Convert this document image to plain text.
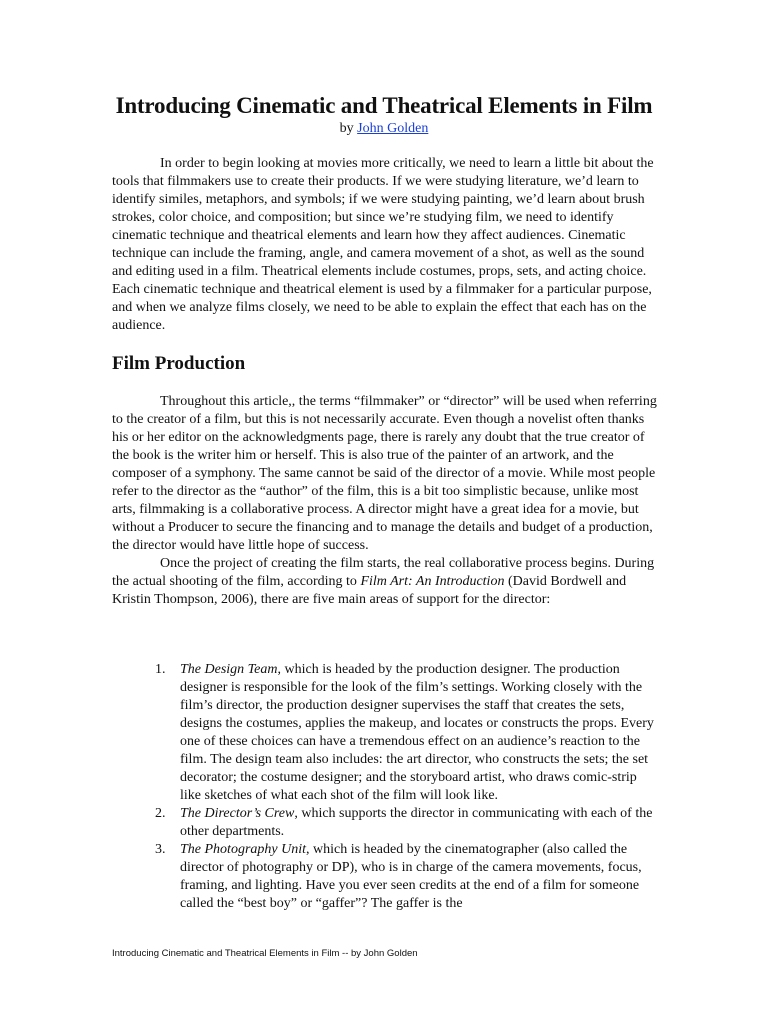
Introducing Cinematic and Theatrical Elements in Film
by John Golden

In order to begin looking at movies more critically, we need to learn a little bit about the tools that filmmakers use to create their products. If we were studying literature, we’d learn to identify similes, metaphors, and symbols; if we were studying painting, we’d learn about brush strokes, color choice, and composition; but since we’re studying film, we need to identify cinematic technique and theatrical elements and learn how they affect audiences. Cinematic technique can include the framing, angle, and camera movement of a shot, as well as the sound and editing used in a film. Theatrical elements include costumes, props, sets, and acting choice. Each cinematic technique and theatrical element is used by a filmmaker for a particular purpose, and when we analyze films closely, we need to be able to explain the effect that each has on the audience.

Film Production

Throughout this article,, the terms “filmmaker” or “director” will be used when referring to the creator of a film, but this is not necessarily accurate. Even though a novelist often thanks his or her editor on the acknowledgments page, there is rarely any doubt that the true creator of the book is the writer him or herself. This is also true of the painter of an artwork, and the composer of a symphony. The same cannot be said of the director of a movie. While most people refer to the director as the “author” of the film, this is a bit too simplistic because, unlike most arts, filmmaking is a collaborative process. A director might have a great idea for a movie, but without a Producer to secure the financing and to manage the details and budget of a production, the director would have little hope of success.

Once the project of creating the film starts, the real collaborative process begins. During the actual shooting of the film, according to Film Art: An Introduction (David Bordwell and Kristin Thompson, 2006), there are five main areas of support for the director:

1. The Design Team, which is headed by the production designer. The production designer is responsible for the look of the film’s settings. Working closely with the film’s director, the production designer supervises the staff that creates the sets, designs the costumes, applies the makeup, and locates or constructs the props. Every one of these choices can have a tremendous effect on an audience’s reaction to the film. The design team also includes: the art director, who constructs the sets; the set decorator; the costume designer; and the storyboard artist, who draws comic-strip like sketches of what each shot of the film will look like.
2. The Director’s Crew, which supports the director in communicating with each of the other departments.
3. The Photography Unit, which is headed by the cinematographer (also called the director of photography or DP), who is in charge of the camera movements, focus, framing, and lighting. Have you ever seen credits at the end of a film for someone called the “best boy” or “gaffer”? The gaffer is the
Introducing Cinematic and Theatrical Elements in Film -- by John Golden
